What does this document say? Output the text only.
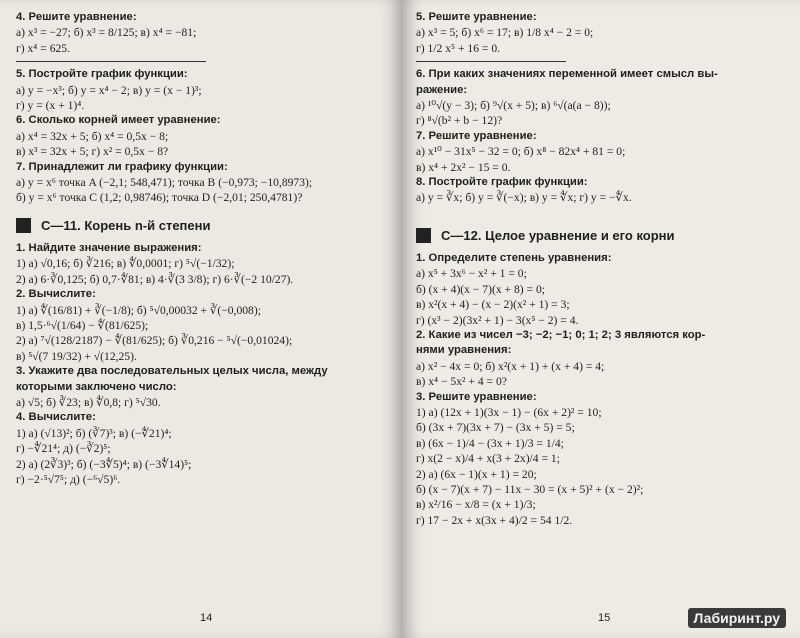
4. Решите уравнение:
а) x³ = −27; б) x³ = 8/125; в) x⁴ = −81;
г) x⁴ = 625.
5. Постройте график функции:
а) y = −x³; б) y = x⁴ − 2; в) y = (x − 1)³;
г) y = (x + 1)⁴.
6. Сколько корней имеет уравнение:
а) x⁴ = 32x + 5; б) x⁴ = 0,5x − 8;
в) x³ = 32x + 5; г) x² = 0,5x − 8?
7. Принадлежит ли графику функции:
а) y = x⁶ точка A (−2,1; 548,471); точка B (−0,973; −10,8973);
б) y = x⁶ точка C (1,2; 0,98746); точка D (−2,01; 250,4781)?
С—11. Корень n-й степени
1. Найдите значение выражения:
1) а) √0,16; б) ∛216; в) ∜0,0001; г) ⁵√(−1/32);
2) а) 6·∛0,125; б) 0,7·∜81; в) 4·∛(3 3/8); г) 6·∛(−2 10/27).
2. Вычислите:
1) а) ∜(16/81) + ∛(−1/8); б) ⁵√0,00032 + ∛(−0,008);
в) 1,5·⁶√(1/64) − ∜(81/625);
2) а) ⁷√(128/2187) − ∜(81/625); б) ∛0,216 − ⁵√(−0,01024);
в) ⁵√(7 19/32) + √(12,25).
3. Укажите два последовательных целых числа, между
которыми заключено число:
а) √5; б) ∛23; в) ∜0,8; г) ⁵√30.
4. Вычислите:
1) а) (√13)²; б) (∛7)³; в) (−∜21)⁴;
г) −∜21⁴; д) (−∛2)⁵;
2) а) (2∛3)³; б) (−3∜5)⁴; в) (−3∜14)⁵;
г) −2·⁵√7⁵; д) (−⁶√5)⁶.
14
5. Решите уравнение:
а) x³ = 5; б) x⁶ = 17; в) 1/8 x⁴ − 2 = 0;
г) 1/2 x⁵ + 16 = 0.
6. При каких значениях переменной имеет смысл вы-
ражение:
а) ¹⁰√(y − 3); б) ⁹√(x + 5); в) ⁶√(a(a − 8));
г) ⁸√(b² + b − 12)?
7. Решите уравнение:
а) x¹⁰ − 31x⁵ − 32 = 0; б) x⁸ − 82x⁴ + 81 = 0;
в) x⁴ + 2x² − 15 = 0.
8. Постройте график функции:
а) y = ∛x; б) y = ∛(−x); в) y = ∜x; г) y = −∜x.
С—12. Целое уравнение и его корни
1. Определите степень уравнения:
а) x⁵ + 3x⁶ − x² + 1 = 0;
б) (x + 4)(x − 7)(x + 8) = 0;
в) x²(x + 4) − (x − 2)(x² + 1) = 3;
г) (x³ − 2)(3x² + 1) − 3(x⁵ − 2) = 4.
2. Какие из чисел −3; −2; −1; 0; 1; 2; 3 являются кор-
нями уравнения:
а) x² − 4x = 0; б) x²(x + 1) + (x + 4) = 4;
в) x⁴ − 5x² + 4 = 0?
3. Решите уравнение:
1) а) (12x + 1)(3x − 1) − (6x + 2)² = 10;
б) (3x + 7)(3x + 7) − (3x + 5) = 5;
в) (6x − 1)/4 − (3x + 1)/3 = 1/4;
г) x(2 − x)/4 + x(3 + 2x)/4 = 1;
2) а) (6x − 1)(x + 1) = 20;
б) (x − 7)(x + 7) − 11x − 30 = (x + 5)² + (x − 2)²;
в) x²/16 − x/8 = (x + 1)/3;
г) 17 − 2x + x(3x + 4)/2 = 54 1/2.
15	Лабиринт.ру
